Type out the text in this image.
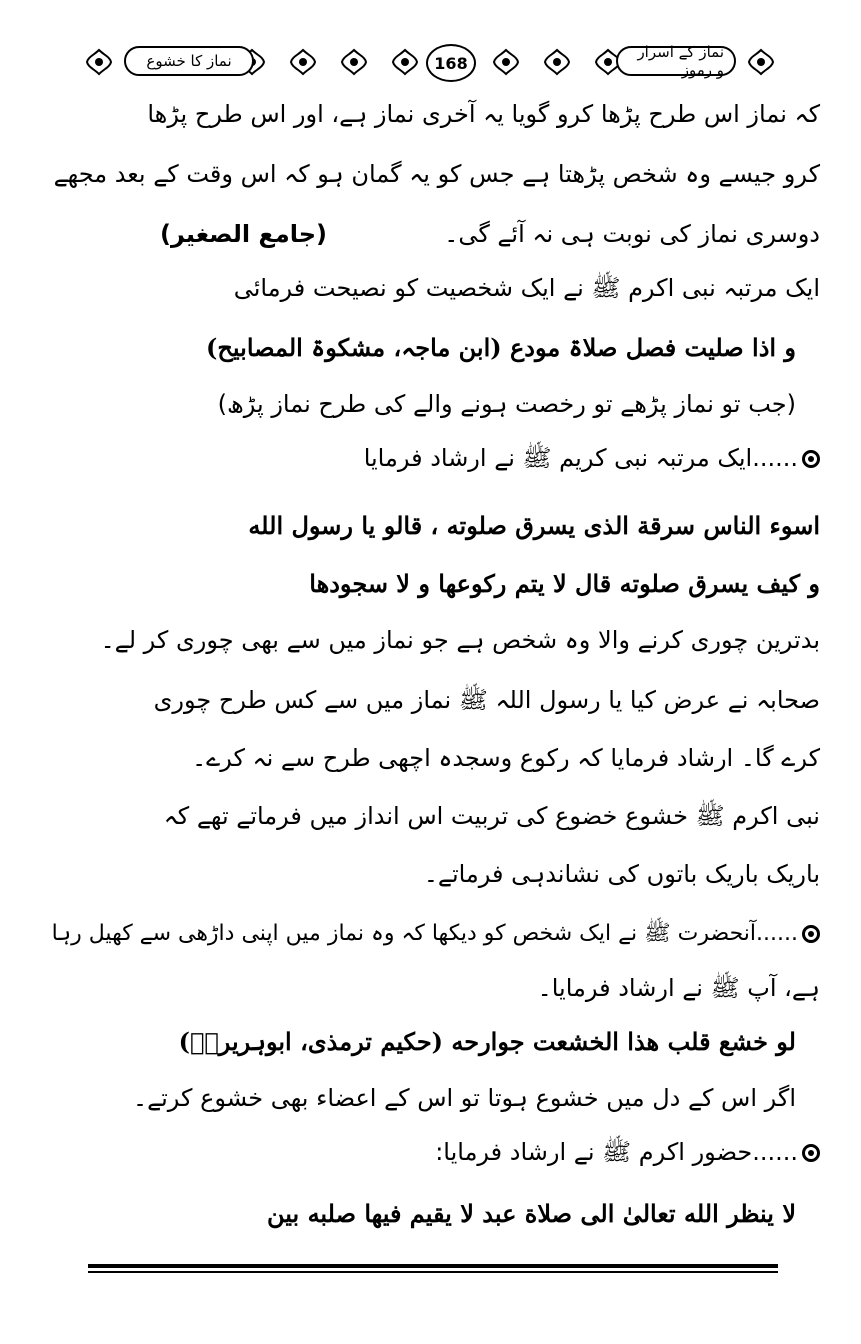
نماز کے اسرار و رموز
168
نماز کا خشوع
کہ نماز اس طرح پڑھا کرو گویا یہ آخری نماز ہے، اور اس طرح پڑھا
کرو جیسے وہ شخص پڑھتا ہے جس کو یہ گمان ہو کہ اس وقت کے بعد مجھے
دوسری نماز کی نوبت ہی نہ آئے گی۔
(جامع الصغیر)
ایک مرتبہ نبی اکرم ﷺ نے ایک شخصیت کو نصیحت فرمائی
و اذا صلیت فصل صلاۃ مودع (ابن ماجہ، مشکوۃ المصابیح)
(جب تو نماز پڑھے تو رخصت ہونے والے کی طرح نماز پڑھ)
......ایک مرتبہ نبی کریم ﷺ نے ارشاد فرمایا
اسوء الناس سرقة الذی یسرق صلوته ، قالو یا رسول الله
و کیف یسرق صلوته قال لا یتم رکوعها و لا سجودها
بدترین چوری کرنے والا وہ شخص ہے جو نماز میں سے بھی چوری کر لے۔
صحابہ نے عرض کیا یا رسول اللہ ﷺ نماز میں سے کس طرح چوری
کرے گا۔ ارشاد فرمایا کہ رکوع وسجدہ اچھی طرح سے نہ کرے۔
نبی اکرم ﷺ خشوع خضوع کی تربیت اس انداز میں فرماتے تھے کہ
باریک باریک باتوں کی نشاندہی فرماتے۔
......آنحضرت ﷺ نے ایک شخص کو دیکھا کہ وہ نماز میں اپنی داڑھی سے کھیل رہا
ہے، آپ ﷺ نے ارشاد فرمایا۔
لو خشع قلب هذا الخشعت جوارحه (حکیم ترمذی، ابوہریرہؓ)
اگر اس کے دل میں خشوع ہوتا تو اس کے اعضاء بھی خشوع کرتے۔
......حضور اکرم ﷺ نے ارشاد فرمایا:
لا ینظر الله تعالىٰ الى صلاة عبد لا یقیم فیها صلبه بین
